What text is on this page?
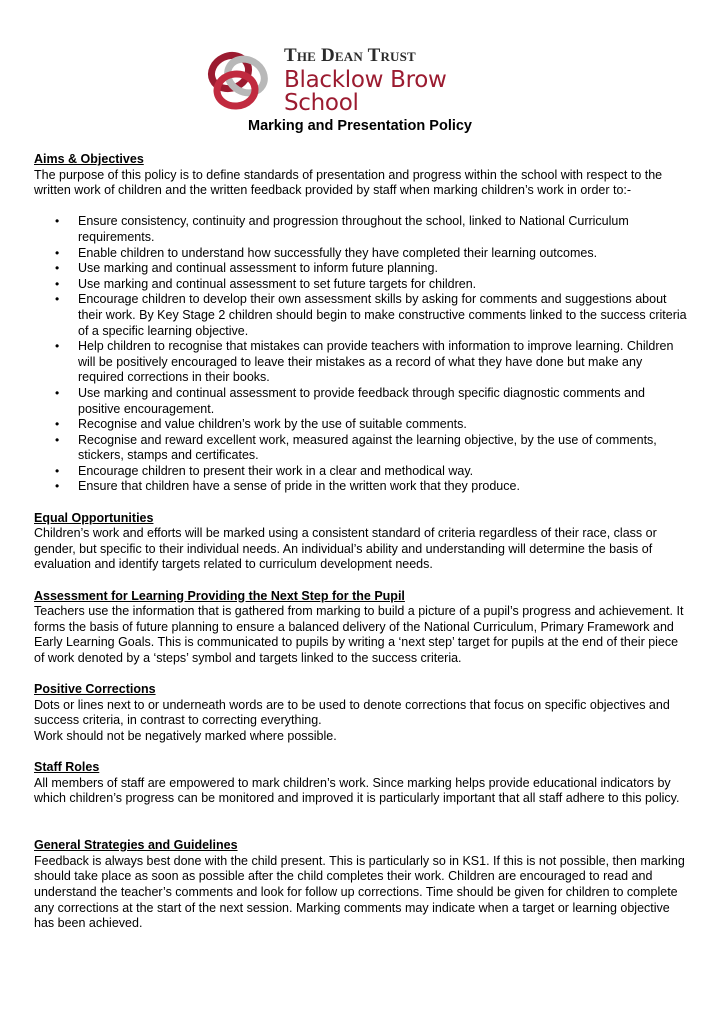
The Dean Trust
Blacklow Brow School
Marking and Presentation Policy

Aims & Objectives

The purpose of this policy is to define standards of presentation and progress within the school with respect to the written work of children and the written feedback provided by staff when marking children’s work in order to:-

• Ensure consistency, continuity and progression throughout the school, linked to National Curriculum requirements.
• Enable children to understand how successfully they have completed their learning outcomes.
• Use marking and continual assessment to inform future planning.
• Use marking and continual assessment to set future targets for children.
• Encourage children to develop their own assessment skills by asking for comments and suggestions about their work. By Key Stage 2 children should begin to make constructive comments linked to the success criteria of a specific learning objective.
• Help children to recognise that mistakes can provide teachers with information to improve learning. Children will be positively encouraged to leave their mistakes as a record of what they have done but make any required corrections in their books.
• Use marking and continual assessment to provide feedback through specific diagnostic comments and positive encouragement.
• Recognise and value children’s work by the use of suitable comments.
• Recognise and reward excellent work, measured against the learning objective, by the use of comments, stickers, stamps and certificates.
• Encourage children to present their work in a clear and methodical way.
• Ensure that children have a sense of pride in the written work that they produce.

Equal Opportunities

Children’s work and efforts will be marked using a consistent standard of criteria regardless of their race, class or gender, but specific to their individual needs. An individual’s ability and understanding will determine the basis of evaluation and identify targets related to curriculum development needs.

Assessment for Learning Providing the Next Step for the Pupil

Teachers use the information that is gathered from marking to build a picture of a pupil’s progress and achievement. It forms the basis of future planning to ensure a balanced delivery of the National Curriculum, Primary Framework and Early Learning Goals. This is communicated to pupils by writing a ‘next step’ target for pupils at the end of their piece of work denoted by a ‘steps’ symbol and targets linked to the success criteria.

Positive Corrections

Dots or lines next to or underneath words are to be used to denote corrections that focus on specific objectives and success criteria, in contrast to correcting everything.

Work should not be negatively marked where possible.

Staff Roles

All members of staff are empowered to mark children’s work. Since marking helps provide educational indicators by which children’s progress can be monitored and improved it is particularly important that all staff adhere to this policy.

General Strategies and Guidelines

Feedback is always best done with the child present. This is particularly so in KS1. If this is not possible, then marking should take place as soon as possible after the child completes their work. Children are encouraged to read and understand the teacher’s comments and look for follow up corrections. Time should be given for children to complete any corrections at the start of the next session. Marking comments may indicate when a target or learning objective has been achieved.
